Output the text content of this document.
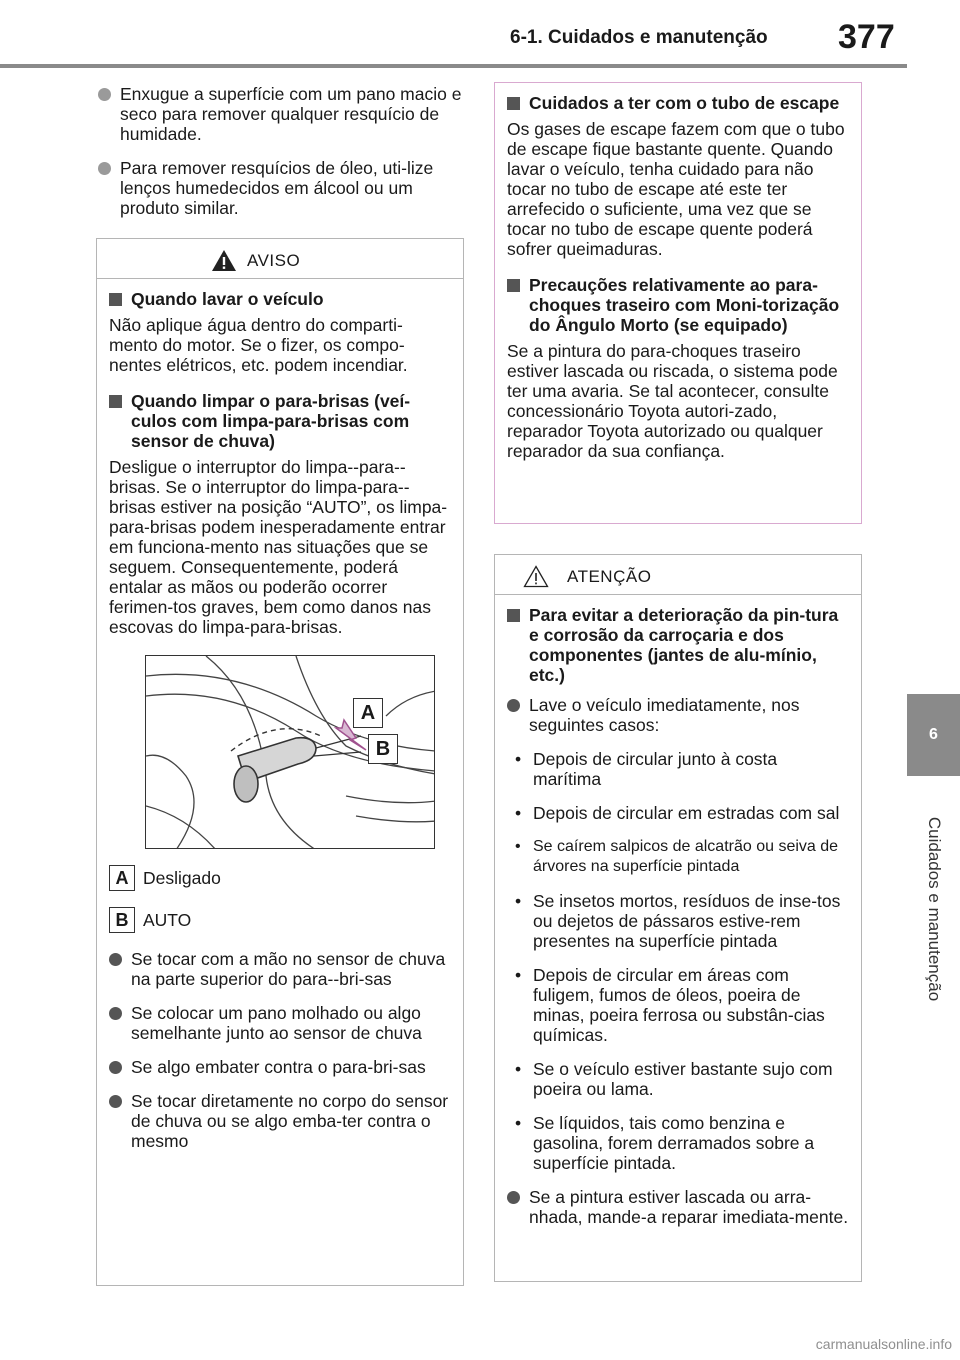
6-1. Cuidados e manutenção 377
6
Cuidados e manutenção
Enxugue a superfície com um pano macio e seco para remover qualquer resquício de humidade.
Para remover resquícios de óleo, uti-lize lenços humedecidos em álcool ou um produto similar.
AVISO
Quando lavar o veículo
Não aplique água dentro do comparti-mento do motor. Se o fizer, os compo-nentes elétricos, etc. podem incendiar.
Quando limpar o para-brisas (veí-culos com limpa-para-brisas com sensor de chuva)
Desligue o interruptor do limpa--para--brisas. Se o interruptor do limpa-para--brisas estiver na posição “AUTO”, os limpa-para-brisas podem inesperadamente entrar em funciona-mento nas situações que se seguem. Consequentemente, poderá entalar as mãos ou poderão ocorrer ferimen-tos graves, bem como danos nas escovas do limpa-para-brisas.
A
B
A Desligado
B AUTO
Se tocar com a mão no sensor de chuva na parte superior do para--bri-sas
Se colocar um pano molhado ou algo semelhante junto ao sensor de chuva
Se algo embater contra o para-bri-sas
Se tocar diretamente no corpo do sensor de chuva ou se algo emba-ter contra o mesmo
Cuidados a ter com o tubo de escape
Os gases de escape fazem com que o tubo de escape fique bastante quente. Quando lavar o veículo, tenha cuidado para não tocar no tubo de escape até este ter arrefecido o suficiente, uma vez que se tocar no tubo de escape quente poderá sofrer queimaduras.
Precauções relativamente ao para-choques traseiro com Moni-torização do Ângulo Morto (se equipado)
Se a pintura do para-choques traseiro estiver lascada ou riscada, o sistema pode ter uma avaria. Se tal acontecer, consulte concessionário Toyota autori-zado, reparador Toyota autorizado ou qualquer reparador da sua confiança.
ATENÇÃO
Para evitar a deterioração da pin-tura e corrosão da carroçaria e dos componentes (jantes de alu-mínio, etc.)
Lave o veículo imediatamente, nos seguintes casos:
• Depois de circular junto à costa marítima
• Depois de circular em estradas com sal
• Se caírem salpicos de alcatrão ou seiva de árvores na superfície pintada
• Se insetos mortos, resíduos de inse-tos ou dejetos de pássaros estive-rem presentes na superfície pintada
• Depois de circular em áreas com fuligem, fumos de óleos, poeira de minas, poeira ferrosa ou substân-cias químicas.
• Se o veículo estiver bastante sujo com poeira ou lama.
• Se líquidos, tais como benzina e gasolina, forem derramados sobre a superfície pintada.
Se a pintura estiver lascada ou arra-nhada, mande-a reparar imediata-mente.
carmanualsonline.info
